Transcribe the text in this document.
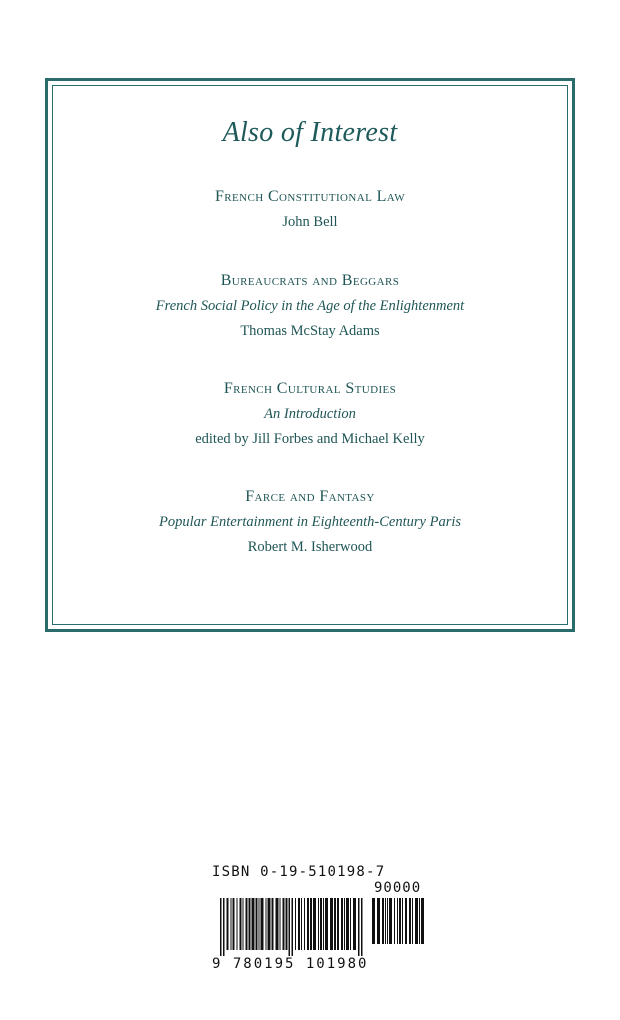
Also of Interest
French Constitutional Law
John Bell
Bureaucrats and Beggars
French Social Policy in the Age of the Enlightenment
Thomas McStay Adams
French Cultural Studies
An Introduction
edited by Jill Forbes and Michael Kelly
Farce and Fantasy
Popular Entertainment in Eighteenth-Century Paris
Robert M. Isherwood
ISBN 0-19-510198-7
90000
9 780195 101980
